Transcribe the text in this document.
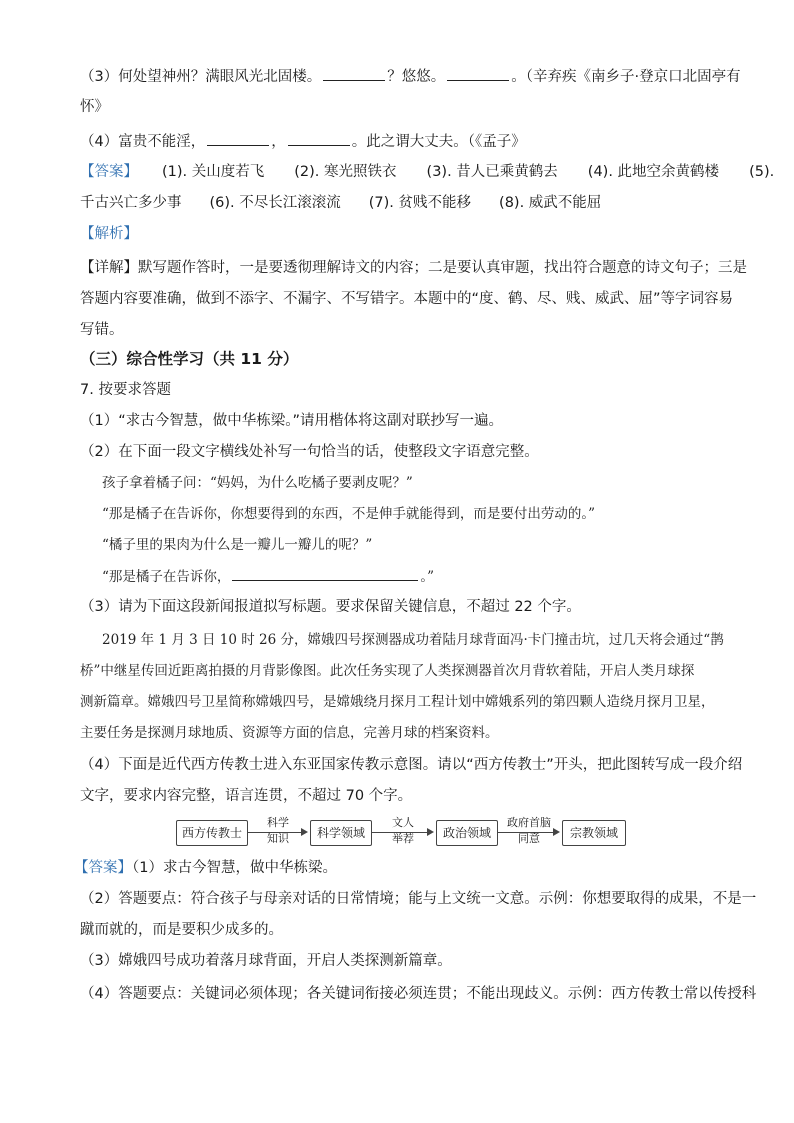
（3）何处望神州？满眼风光北固楼。	？悠悠。	。（辛弃疾《南乡子·登京口北固亭有
怀》
（4）富贵不能淫，	，	。此之谓大丈夫。（《孟子》
【答案】 (1). 关山度若飞 (2). 寒光照铁衣 (3). 昔人已乘黄鹤去 (4). 此地空余黄鹤楼 (5).
千古兴亡多少事 (6). 不尽长江滚滚流 (7). 贫贱不能移 (8). 威武不能屈
【解析】
【详解】默写题作答时，一是要透彻理解诗文的内容；二是要认真审题，找出符合题意的诗文句子；三是
答题内容要准确，做到不添字、不漏字、不写错字。本题中的“度、鹤、尽、贱、威武、屈”等字词容易
写错。
（三）综合性学习（共 11 分）
7. 按要求答题
（1）“求古今智慧，做中华栋梁。”请用楷体将这副对联抄写一遍。
（2）在下面一段文字横线处补写一句恰当的话，使整段文字语意完整。
孩子拿着橘子问：“妈妈，为什么吃橘子要剥皮呢？”
“那是橘子在告诉你，你想要得到的东西，不是伸手就能得到，而是要付出劳动的。”
“橘子里的果肉为什么是一瓣儿一瓣儿的呢？”
“那是橘子在告诉你，	。”
（3）请为下面这段新闻报道拟写标题。要求保留关键信息，不超过 22 个字。
2019 年 1 月 3 日 10 时 26 分，嫦娥四号探测器成功着陆月球背面冯·卡门撞击坑，过几天将会通过“鹊
桥”中继星传回近距离拍摄的月背影像图。此次任务实现了人类探测器首次月背软着陆，开启人类月球探
测新篇章。嫦娥四号卫星简称嫦娥四号，是嫦娥绕月探月工程计划中嫦娥系列的第四颗人造绕月探月卫星，
主要任务是探测月球地质、资源等方面的信息，完善月球的档案资料。
（4）下面是近代西方传教士进入东亚国家传教示意图。请以“西方传教士”开头，把此图转写成一段介绍
文字，要求内容完整，语言连贯，不超过 70 个字。
西方传教士
科学
知识	科学领域
文人
举荐	政治领域
政府首脑
同意	宗教领域
【答案】（1）求古今智慧，做中华栋梁。
（2）答题要点：符合孩子与母亲对话的日常情境；能与上文统一文意。示例：你想要取得的成果，不是一
蹴而就的，而是要积少成多的。
（3）嫦娥四号成功着落月球背面，开启人类探测新篇章。
（4）答题要点：关键词必须体现；各关键词衔接必须连贯；不能出现歧义。示例：西方传教士常以传授科
